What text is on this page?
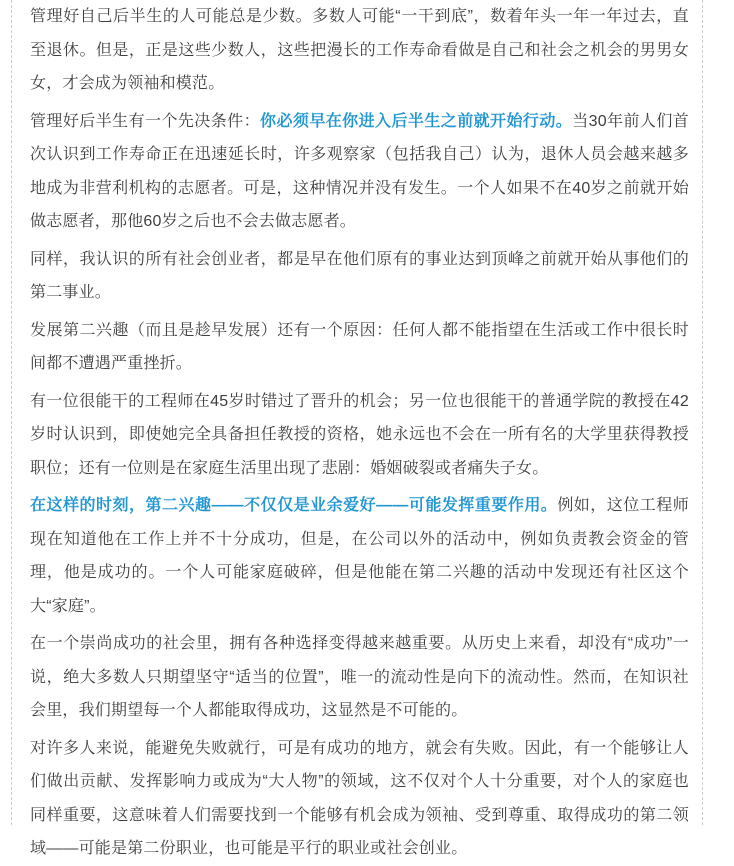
管理好自己后半生的人可能总是少数。多数人可能“一干到底”，数着年头一年一年过去，直至退休。但是，正是这些少数人，这些把漫长的工作寿命看做是自己和社会之机会的男男女女，才会成为领袖和模范。

管理好后半生有一个先决条件：你必须早在你进入后半生之前就开始行动。当30年前人们首次认识到工作寿命正在迅速延长时，许多观察家（包括我自己）认为，退休人员会越来越多地成为非营利机构的志愿者。可是，这种情况并没有发生。一个人如果不在40岁之前就开始做志愿者，那他60岁之后也不会去做志愿者。

同样，我认识的所有社会创业者，都是早在他们原有的事业达到顶峰之前就开始从事他们的第二事业。

发展第二兴趣（而且是趁早发展）还有一个原因：任何人都不能指望在生活或工作中很长时间都不遭遇严重挫折。

有一位很能干的工程师在45岁时错过了晋升的机会；另一位也很能干的普通学院的教授在42岁时认识到，即使她完全具备担任教授的资格，她永远也不会在一所有名的大学里获得教授职位；还有一位则是在家庭生活里出现了悲剧：婚姻破裂或者痛失子女。

在这样的时刻，第二兴趣——不仅仅是业余爱好——可能发挥重要作用。例如，这位工程师现在知道他在工作上并不十分成功，但是，在公司以外的活动中，例如负责教会资金的管理，他是成功的。一个人可能家庭破碎，但是他能在第二兴趣的活动中发现还有社区这个大“家庭”。

在一个崇尚成功的社会里，拥有各种选择变得越来越重要。从历史上来看，却没有“成功”一说，绝大多数人只期望坚守“适当的位置”，唯一的流动性是向下的流动性。然而，在知识社会里，我们期望每一个人都能取得成功，这显然是不可能的。

对许多人来说，能避免失败就行，可是有成功的地方，就会有失败。因此，有一个能够让人们做出贡献、发挥影响力或成为“大人物”的领域，这不仅对个人十分重要，对个人的家庭也同样重要，这意味着人们需要找到一个能够有机会成为领袖、受到尊重、取得成功的第二领域——可能是第二份职业，也可能是平行的职业或社会创业。
